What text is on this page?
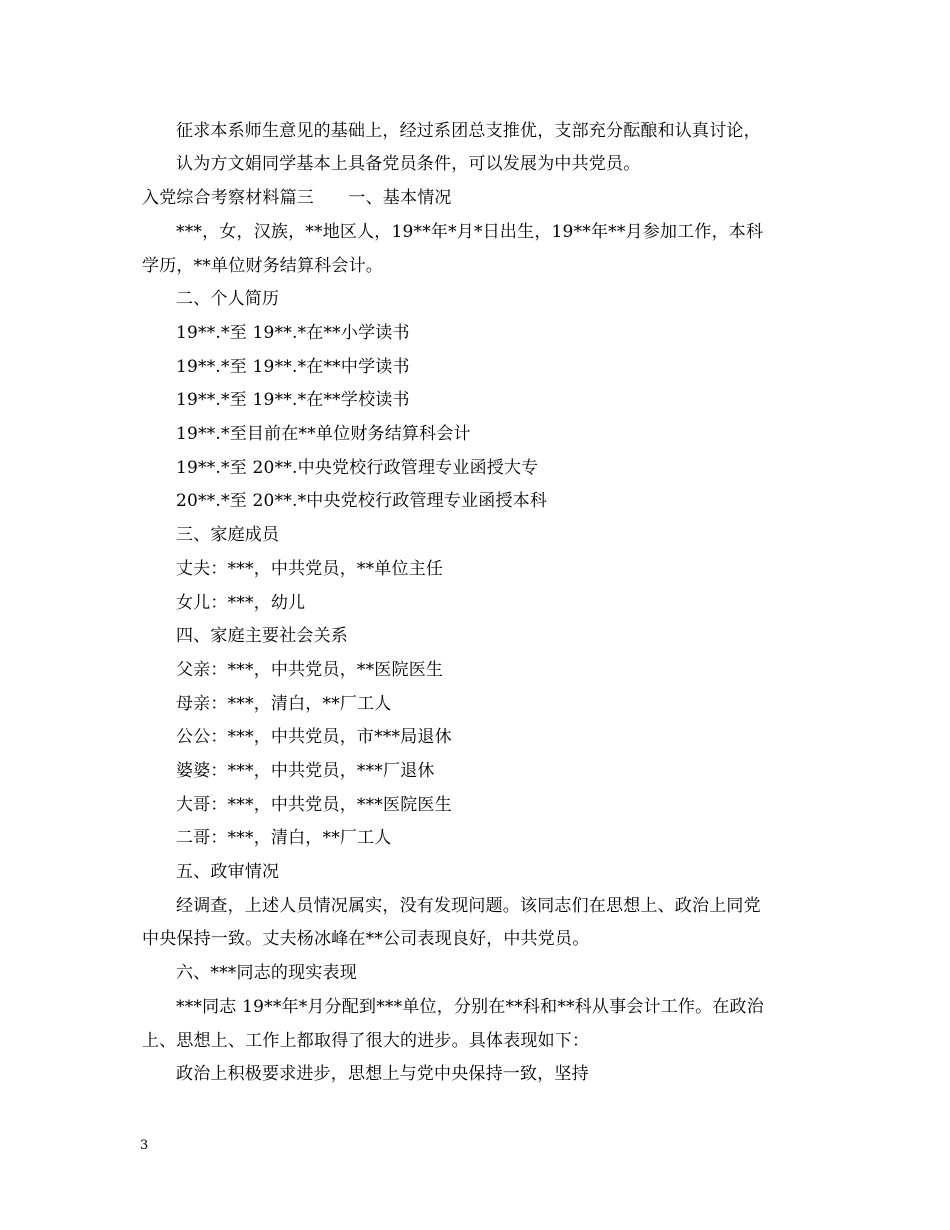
征求本系师生意见的基础上，经过系团总支推优，支部充分酝酿和认真讨论，
认为方文娟同学基本上具备党员条件，可以发展为中共党员。
入党综合考察材料篇三　　一、基本情况
***，女，汉族，**地区人，19**年*月*日出生，19**年**月参加工作，本科
学历，**单位财务结算科会计。
二、个人简历
19**.*至 19**.*在**小学读书
19**.*至 19**.*在**中学读书
19**.*至 19**.*在**学校读书
19**.*至目前在**单位财务结算科会计
19**.*至 20**.中央党校行政管理专业函授大专
20**.*至 20**.*中央党校行政管理专业函授本科
三、家庭成员
丈夫：***，中共党员，**单位主任
女儿：***，幼儿
四、家庭主要社会关系
父亲：***，中共党员，**医院医生
母亲：***，清白，**厂工人
公公：***，中共党员，市***局退休
婆婆：***，中共党员，***厂退休
大哥：***，中共党员，***医院医生
二哥：***，清白，**厂工人
五、政审情况
经调查，上述人员情况属实，没有发现问题。该同志们在思想上、政治上同党
中央保持一致。丈夫杨冰峰在**公司表现良好，中共党员。
六、***同志的现实表现
***同志 19**年*月分配到***单位，分别在**科和**科从事会计工作。在政治
上、思想上、工作上都取得了很大的进步。具体表现如下：
政治上积极要求进步，思想上与党中央保持一致，坚持
3
